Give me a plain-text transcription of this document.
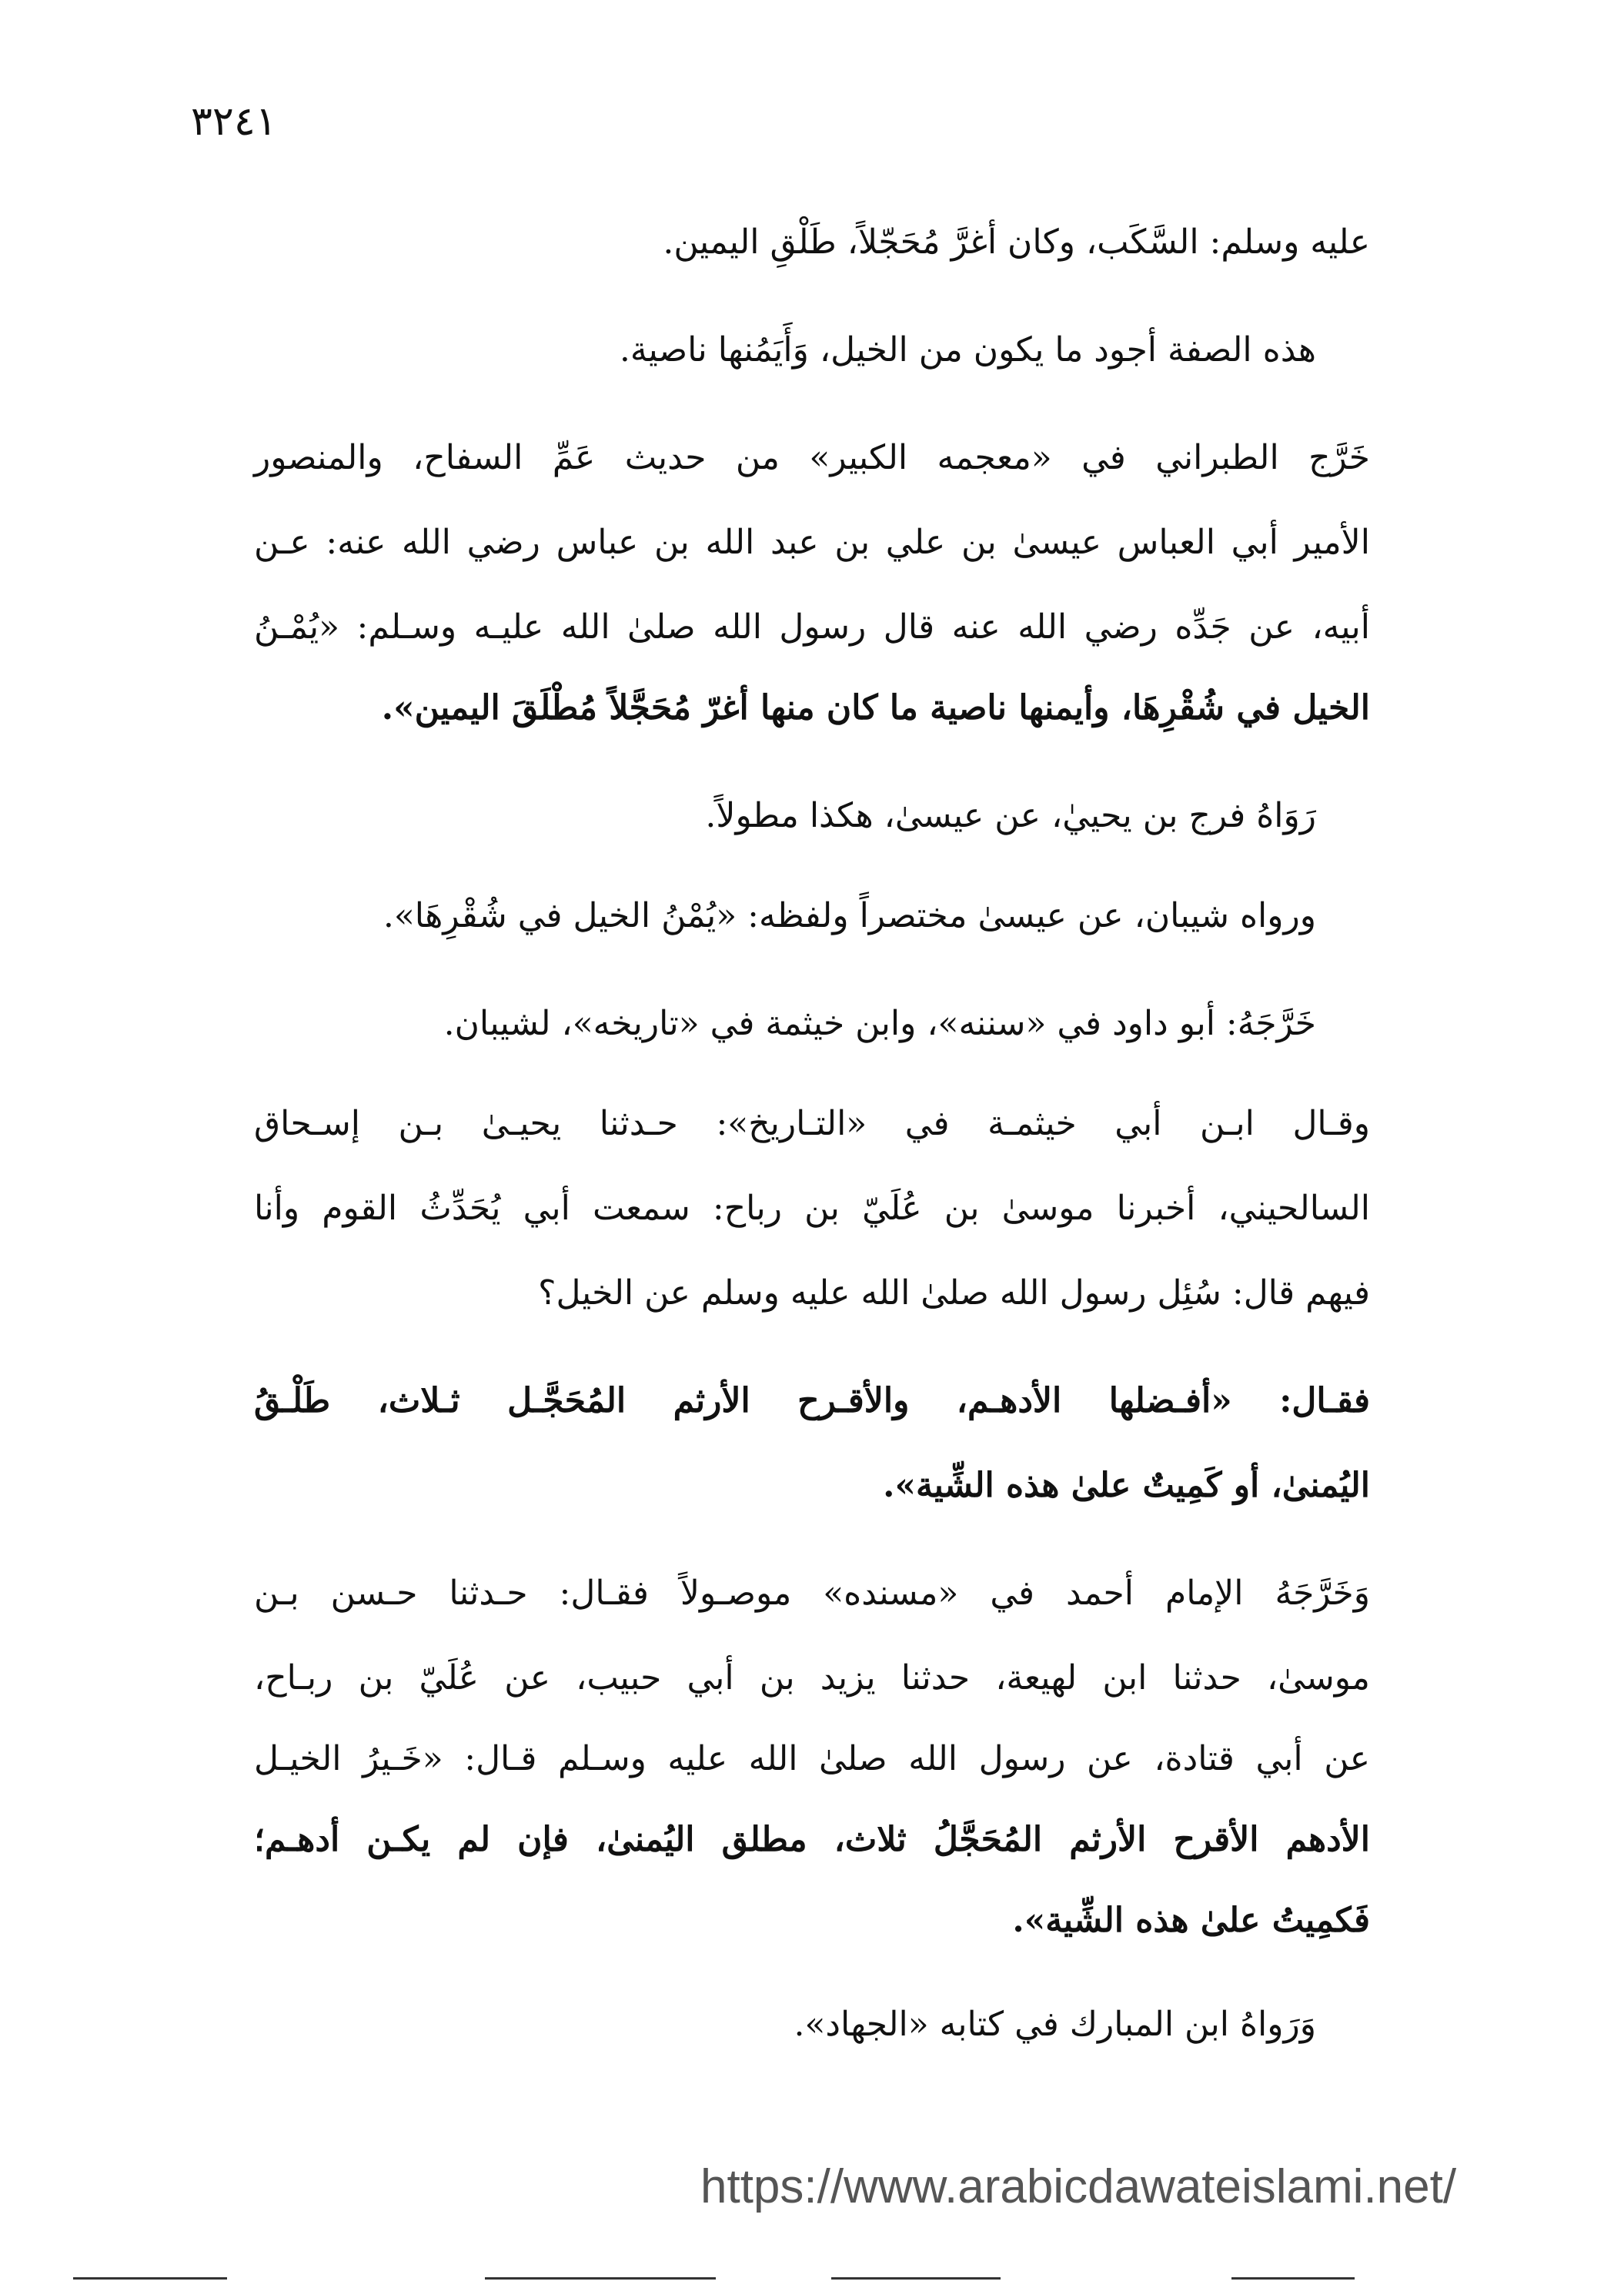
٣٢٤١
عليه وسلم: السَّكَب، وكان أغرَّ مُحَجّلاً، طَلْقِ اليمين.
هذه الصفة أجود ما يكون من الخيل، وَأَيَمُنها ناصية.
خَرَّج الطبراني في «معجمه الكبير» من حديث عَمِّ السفاح، والمنصور
الأمير أبي العباس عيسىٰ بن علي بن عبد الله بن عباس رضي الله عنه: عـن
أبيه، عن جَدِّه رضي الله عنه قال رسول الله صلىٰ الله عليـه وسـلم: «يُمْـنُ
الخيل في شُقْرِهَا، وأيمنها ناصية ما كان منها أغرّ مُحَجَّلاً مُطْلَقَ اليمين».
رَوَاهُ فرج بن يحييٰ، عن عيسىٰ، هكذا مطولاً.
ورواه شيبان، عن عيسىٰ مختصراً ولفظه: «يُمْنُ الخيل في شُقْرِهَا».
خَرَّجَهُ: أبو داود في «سننه»، وابن خيثمة في «تاريخه»، لشيبان.
وقـال ابـن أبي خيثمـة في «التـاريخ»: حـدثنا يحيـىٰ بـن إسـحاق
السالحيني، أخبرنا موسىٰ بن عُلَيّ بن رباح: سمعت أبي يُحَدِّثُ القوم وأنا
فيهم قال: سُئِل رسول الله صلىٰ الله عليه وسلم عن الخيل؟
فقـال: «أفـضلها الأدهـم، والأقـرح الأرثم المُحَجَّـل ثـلاث، طَلْـقُ
اليُمنىٰ، أو كَمِيتٌ علىٰ هذه الشِّية».
وَخَرَّجَهُ الإمام أحمد في «مسنده» موصـولاً فقـال: حـدثنا حـسن بـن
موسىٰ، حدثنا ابن لهيعة، حدثنا يزيد بن أبي حبيب، عن عُلَيّ بن ربـاح،
عن أبي قتادة، عن رسول الله صلىٰ الله عليه وسـلم قـال: «خَـيرُ الخيـل
الأدهم الأقرح الأرثم المُحَجَّلُ ثلاث، مطلق اليُمنىٰ، فإن لم يكـن أدهـم؛
فَكمِيتُ علىٰ هذه الشِّية».
وَرَواهُ ابن المبارك في كتابه «الجهاد».
https://www.arabicdawateislami.net/
